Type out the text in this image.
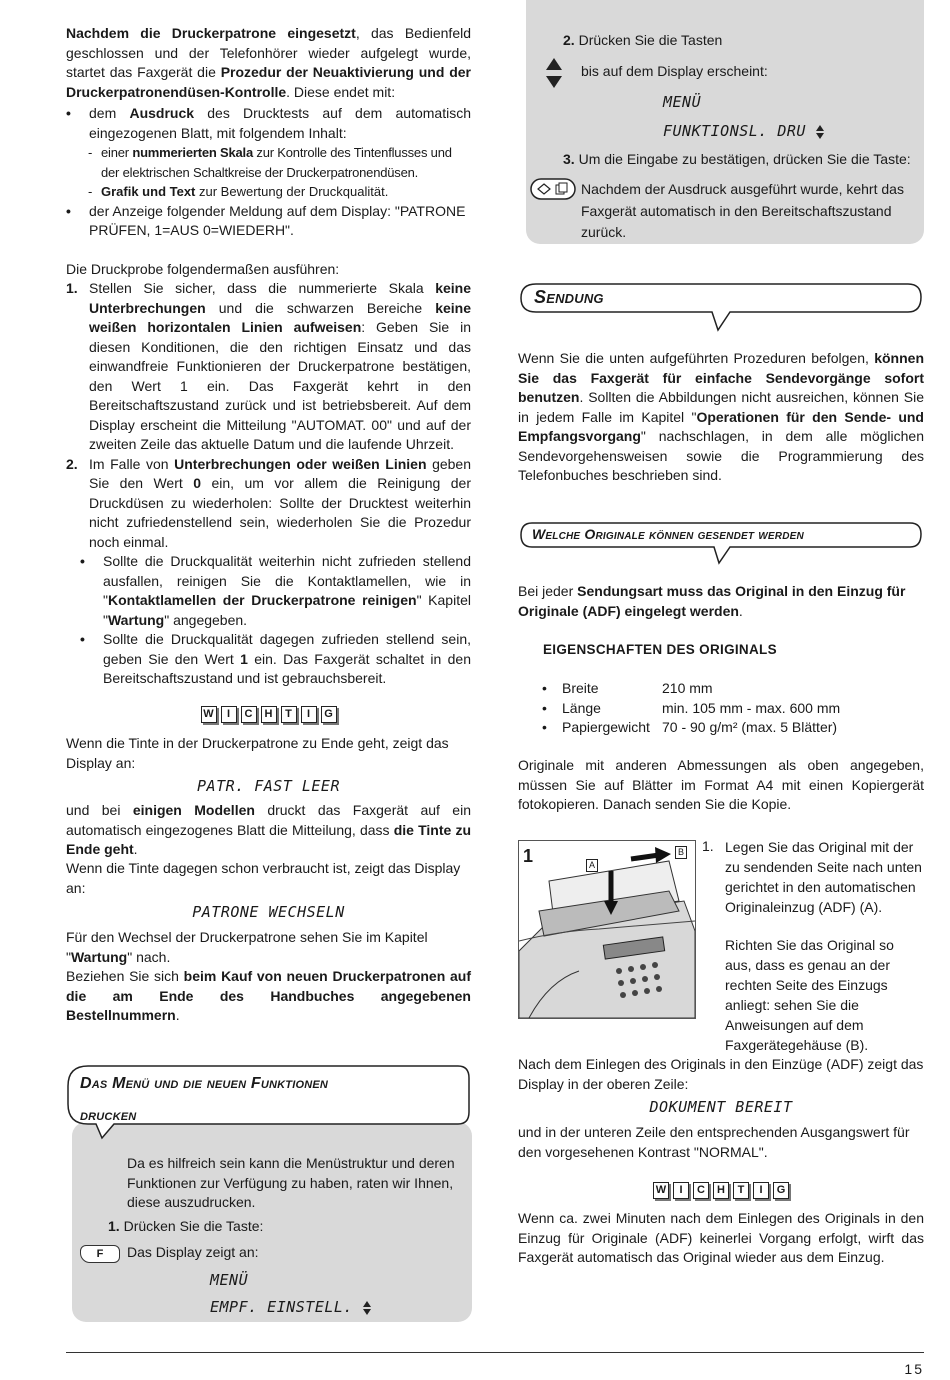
Nachdem die Druckerpatrone eingesetzt, das Bedienfeld geschlossen und der Telefonhörer wieder aufgelegt wurde, startet das Faxgerät die Prozedur der Neuaktivierung und der Druckerpatronendüsen-Kontrolle. Diese endet mit:

• dem Ausdruck des Drucktests auf dem automatisch eingezogenen Blatt, mit folgendem Inhalt:
- einer nummerierten Skala zur Kontrolle des Tintenflusses und der elektrischen Schaltkreise der Druckerpatronendüsen.
- Grafik und Text zur Bewertung der Druckqualität.
• der Anzeige folgender Meldung auf dem Display: "PATRONE PRÜFEN, 1=AUS 0=WIEDERH".

Die Druckprobe folgendermaßen ausführen:

1. Stellen Sie sicher, dass die nummerierte Skala keine Unterbrechungen und die schwarzen Bereiche keine weißen horizontalen Linien aufweisen: Geben Sie in diesen Konditionen, die den richtigen Einsatz und das einwandfreie Funktionieren der Druckerpatrone bestätigen, den Wert 1 ein. Das Faxgerät kehrt in den Bereitschaftszustand zurück und ist betriebsbereit. Auf dem Display erscheint die Mitteilung "AUTOMAT. 00" und auf der zweiten Zeile das aktuelle Datum und die laufende Uhrzeit.
2. Im Falle von Unterbrechungen oder weißen Linien geben Sie den Wert 0 ein, um vor allem die Reinigung der Druckdüsen zu wiederholen: Sollte der Drucktest weiterhin nicht zufriedenstellend sein, wiederholen Sie die Prozedur noch einmal.
• Sollte die Druckqualität weiterhin nicht zufrieden stellend ausfallen, reinigen Sie die Kontaktlamellen, wie in "Kontaktlamellen der Druckerpatrone reinigen" Kapitel "Wartung" angegeben.
• Sollte die Druckqualität dagegen zufrieden stellend sein, geben Sie den Wert 1 ein. Das Faxgerät schaltet in den Bereitschaftszustand und ist gebrauchsbereit.
W	I	C	H	T	I	G

Wenn die Tinte in der Druckerpatrone zu Ende geht, zeigt das Display an:

PATR. FAST LEER

und bei einigen Modellen druckt das Faxgerät auf ein automatisch eingezogenes Blatt die Mitteilung, dass die Tinte zu Ende geht.

Wenn die Tinte dagegen schon verbraucht ist, zeigt das Display an:

PATRONE WECHSELN

Für den Wechsel der Druckerpatrone sehen Sie im Kapitel "Wartung" nach.

Beziehen Sie sich beim Kauf von neuen Druckerpatronen auf die am Ende des Handbuches angegebenen Bestellnummern.

Das Menü und die neuen Funktionen
drucken

Da es hilfreich sein kann die Menüstruktur und deren Funktionen zur Verfügung zu haben, raten wir Ihnen, diese auszudrucken.

1. Drücken Sie die Taste:
F	Das Display zeigt an:

MENÜ

EMPF. EINSTELL.
2. Drücken Sie die Tasten

bis auf dem Display erscheint:

MENÜ

FUNKTIONSL. DRU
3. Um die Eingabe zu bestätigen, drücken Sie die Taste:

Nachdem der Ausdruck ausgeführt wurde, kehrt das Faxgerät automatisch in den Bereitschaftszustand zurück.

Sendung

Wenn Sie die unten aufgeführten Prozeduren befolgen, können Sie das Faxgerät für einfache Sendevorgänge sofort benutzen. Sollten die Abbildungen nicht ausreichen, können Sie in jedem Falle im Kapitel "Operationen für den Sende- und Empfangsvorgang" nachschlagen, in dem alle möglichen Sendevorgehensweisen sowie die Programmierung des Telefonbuches beschrieben sind.

Welche Originale können gesendet werden

Bei jeder Sendungsart muss das Original in den Einzug für Originale (ADF) eingelegt werden.

EIGENSCHAFTEN DES ORIGINALS

•	Breite	210 mm
•	Länge	min. 105 mm - max. 600 mm
•	Papiergewicht 70 - 90 g/m² (max. 5 Blätter)

Originale mit anderen Abmessungen als oben angegeben, müssen Sie auf Blätter im Format A4 mit einen Kopiergerät fotokopieren. Danach senden Sie die Kopie.

1	A
B 1. Legen Sie das Original mit der zu sendenden Seite nach unten gerichtet in den automatischen Originaleinzug (ADF) (A).

Richten Sie das Original so aus, dass es genau an der rechten Seite des Einzugs anliegt: sehen Sie die Anweisungen auf dem Faxgerätegehäuse (B).

Nach dem Einlegen des Originals in den Einzüge (ADF) zeigt das Display in der oberen Zeile:

DOKUMENT BEREIT

und in der unteren Zeile den entsprechenden Ausgangswert für den vorgesehenen Kontrast "NORMAL".

W	I	C	H	T	I	G

Wenn ca. zwei Minuten nach dem Einlegen des Originals in den Einzug für Originale (ADF) keinerlei Vorgang erfolgt, wirft das Faxgerät automatisch das Original wieder aus dem Einzug.

15
